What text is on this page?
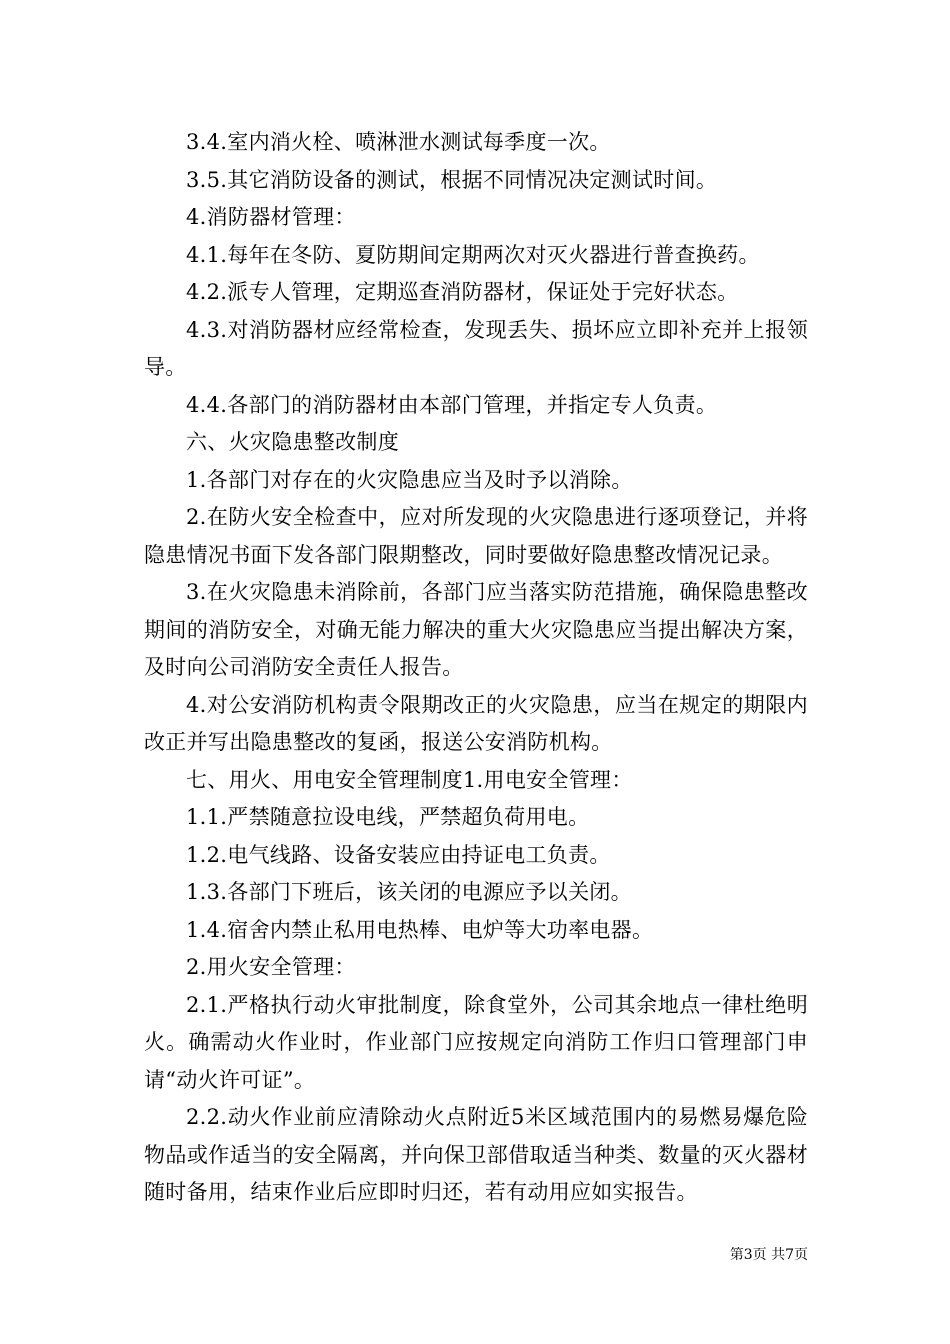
3.4.室内消火栓、喷淋泄水测试每季度一次。

3.5.其它消防设备的测试，根据不同情况决定测试时间。

4.消防器材管理：

4.1.每年在冬防、夏防期间定期两次对灭火器进行普查换药。

4.2.派专人管理，定期巡查消防器材，保证处于完好状态。

4.3.对消防器材应经常检查，发现丢失、损坏应立即补充并上报领导。

4.4.各部门的消防器材由本部门管理，并指定专人负责。

六、火灾隐患整改制度

1.各部门对存在的火灾隐患应当及时予以消除。

2.在防火安全检查中，应对所发现的火灾隐患进行逐项登记，并将隐患情况书面下发各部门限期整改，同时要做好隐患整改情况记录。

3.在火灾隐患未消除前，各部门应当落实防范措施，确保隐患整改期间的消防安全，对确无能力解决的重大火灾隐患应当提出解决方案，及时向公司消防安全责任人报告。

4.对公安消防机构责令限期改正的火灾隐患，应当在规定的期限内改正并写出隐患整改的复函，报送公安消防机构。

七、用火、用电安全管理制度1.用电安全管理：

1.1.严禁随意拉设电线，严禁超负荷用电。

1.2.电气线路、设备安装应由持证电工负责。

1.3.各部门下班后，该关闭的电源应予以关闭。

1.4.宿舍内禁止私用电热棒、电炉等大功率电器。

2.用火安全管理：

2.1.严格执行动火审批制度，除食堂外，公司其余地点一律杜绝明火。确需动火作业时，作业部门应按规定向消防工作归口管理部门申请“动火许可证”。

2.2.动火作业前应清除动火点附近5米区域范围内的易燃易爆危险物品或作适当的安全隔离，并向保卫部借取适当种类、数量的灭火器材随时备用，结束作业后应即时归还，若有动用应如实报告。

第3页 共7页
